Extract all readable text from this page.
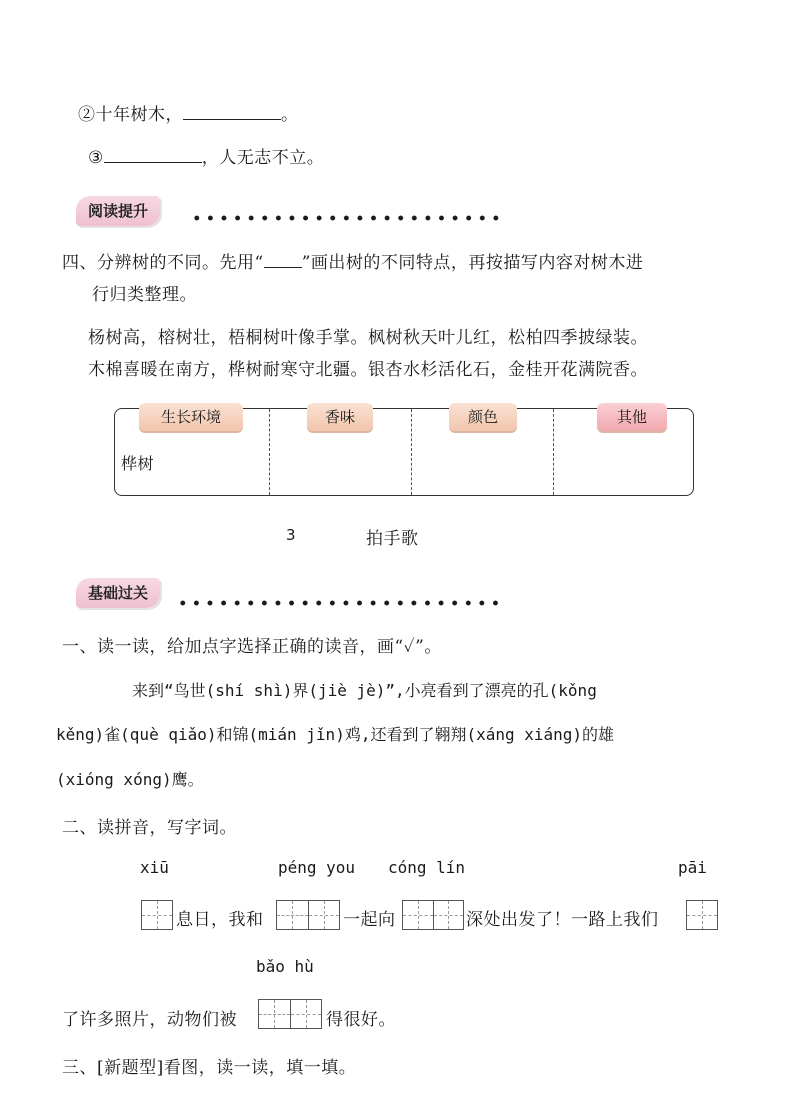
②十年树木，	。
③	，人无志不立。
阅读提升
四、分辨树的不同。先用“ ”画出树的不同特点，再按描写内容对树木进
行归类整理。
杨树高，榕树壮，梧桐树叶像手掌。枫树秋天叶儿红，松柏四季披绿装。
木棉喜暖在南方，桦树耐寒守北疆。银杏水杉活化石，金桂开花满院香。
生长环境	香味	颜色	其他
桦树
3	拍手歌
基础过关
一、读一读，给加点字选择正确的读音，画“✓”。
来到“鸟世(shí shì)界(jiè jè)”,小亮看到了漂亮的孔(kǒng
kěng)雀(què qiǎo)和锦(mián jǐn)鸡,还看到了翱翔(xáng xiáng)的雄
(xióng xóng)鹰。
二、读拼音，写字词。
xiū	péng you cóng lín	pāi
息日，我和	一起向	深处出发了！一路上我们
bǎo hù
了许多照片，动物们被	得很好。
三、[新题型]看图，读一读，填一填。
